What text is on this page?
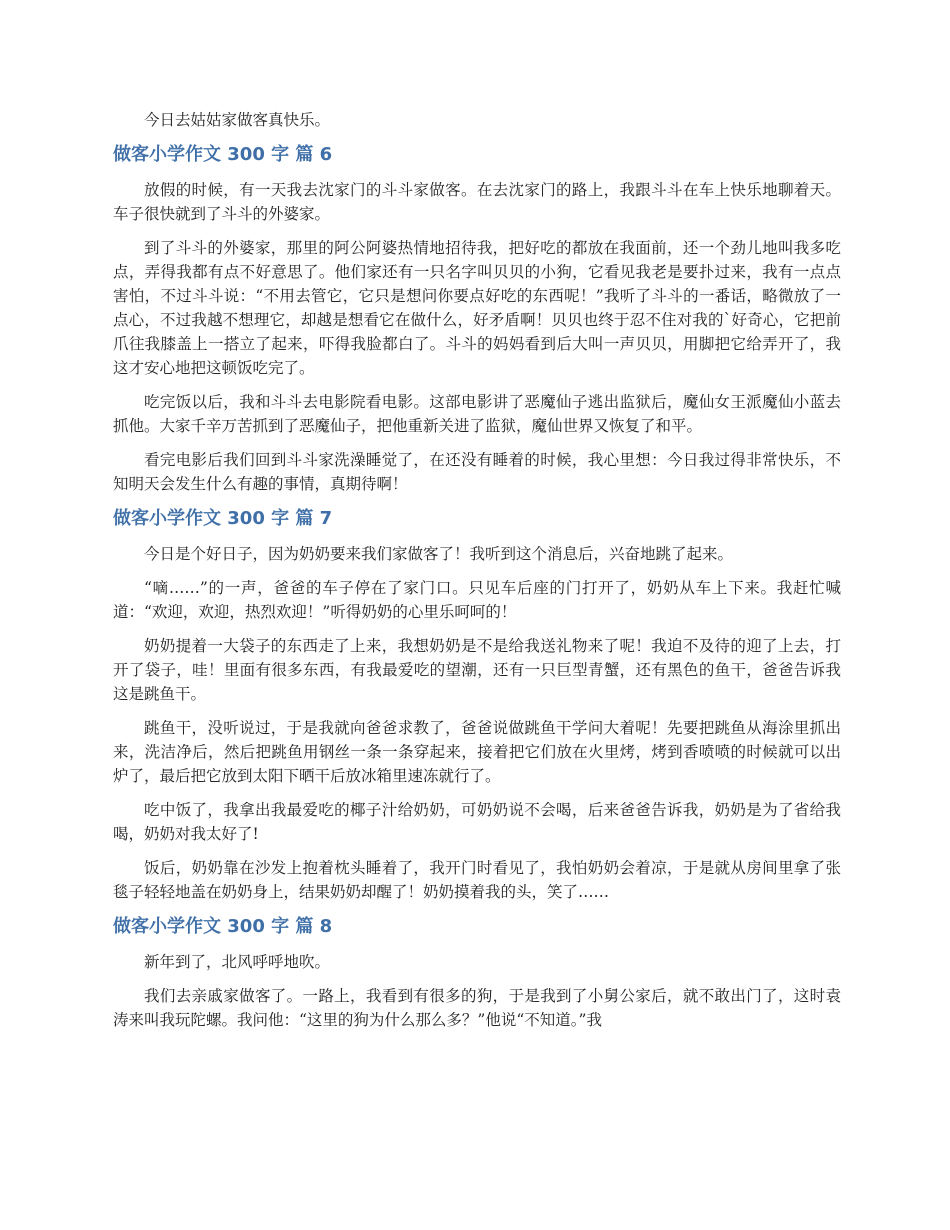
今日去姑姑家做客真快乐。

做客小学作文 300 字 篇 6

放假的时候，有一天我去沈家门的斗斗家做客。在去沈家门的路上，我跟斗斗在车上快乐地聊着天。车子很快就到了斗斗的外婆家。

到了斗斗的外婆家，那里的阿公阿婆热情地招待我，把好吃的都放在我面前，还一个劲儿地叫我多吃点，弄得我都有点不好意思了。他们家还有一只名字叫贝贝的小狗，它看见我老是要扑过来，我有一点点害怕，不过斗斗说：“不用去管它，它只是想问你要点好吃的东西呢！”我听了斗斗的一番话，略微放了一点心，不过我越不想理它，却越是想看它在做什么，好矛盾啊！贝贝也终于忍不住对我的`好奇心，它把前爪往我膝盖上一搭立了起来，吓得我脸都白了。斗斗的妈妈看到后大叫一声贝贝，用脚把它给弄开了，我这才安心地把这顿饭吃完了。

吃完饭以后，我和斗斗去电影院看电影。这部电影讲了恶魔仙子逃出监狱后，魔仙女王派魔仙小蓝去抓他。大家千辛万苦抓到了恶魔仙子，把他重新关进了监狱，魔仙世界又恢复了和平。

看完电影后我们回到斗斗家洗澡睡觉了，在还没有睡着的时候，我心里想：今日我过得非常快乐，不知明天会发生什么有趣的事情，真期待啊！

做客小学作文 300 字 篇 7

今日是个好日子，因为奶奶要来我们家做客了！我听到这个消息后，兴奋地跳了起来。

“嘀……”的一声，爸爸的车子停在了家门口。只见车后座的门打开了，奶奶从车上下来。我赶忙喊道：“欢迎，欢迎，热烈欢迎！”听得奶奶的心里乐呵呵的！

奶奶提着一大袋子的东西走了上来，我想奶奶是不是给我送礼物来了呢！我迫不及待的迎了上去，打开了袋子，哇！里面有很多东西，有我最爱吃的望潮，还有一只巨型青蟹，还有黑色的鱼干，爸爸告诉我这是跳鱼干。

跳鱼干，没听说过，于是我就向爸爸求教了，爸爸说做跳鱼干学问大着呢！先要把跳鱼从海涂里抓出来，洗洁净后，然后把跳鱼用钢丝一条一条穿起来，接着把它们放在火里烤，烤到香喷喷的时候就可以出炉了，最后把它放到太阳下晒干后放冰箱里速冻就行了。

吃中饭了，我拿出我最爱吃的椰子汁给奶奶，可奶奶说不会喝，后来爸爸告诉我，奶奶是为了省给我喝，奶奶对我太好了!

饭后，奶奶靠在沙发上抱着枕头睡着了，我开门时看见了，我怕奶奶会着凉，于是就从房间里拿了张毯子轻轻地盖在奶奶身上，结果奶奶却醒了！奶奶摸着我的头，笑了……

做客小学作文 300 字 篇 8

新年到了，北风呼呼地吹。

我们去亲戚家做客了。一路上，我看到有很多的狗，于是我到了小舅公家后，就不敢出门了，这时袁涛来叫我玩陀螺。我问他：“这里的狗为什么那么多？”他说“不知道。”我
